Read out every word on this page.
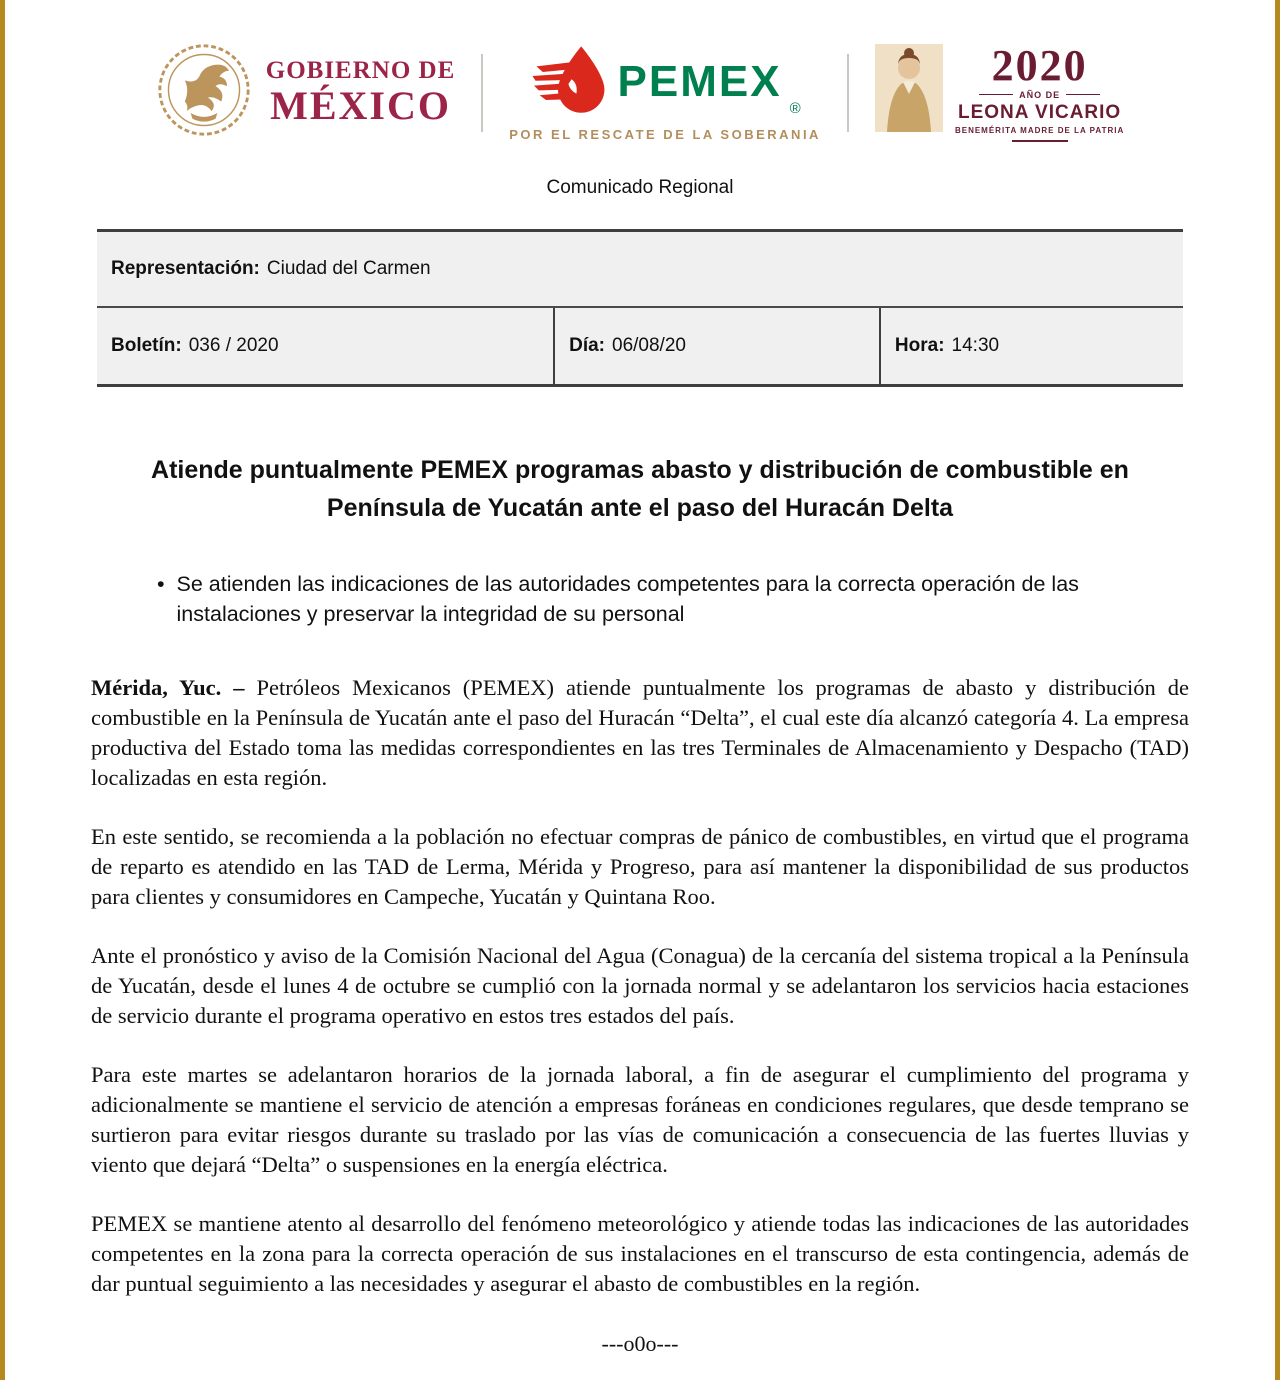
GOBIERNO DE
MÉXICO	PEMEX
®
POR EL RESCATE DE LA SOBERANIA
2020
AÑO DE
LEONA VICARIO
BENEMÉRITA MADRE DE LA PATRIA
Comunicado Regional
Representación: Ciudad del Carmen
Boletín: 036 / 2020	Día: 06/08/20	Hora: 14:30
Atiende puntualmente PEMEX programas abasto y distribución de combustible en Península de Yucatán ante el paso del Huracán Delta
• Se atienden las indicaciones de las autoridades competentes para la correcta operación de las instalaciones y preservar la integridad de su personal

Mérida, Yuc. – Petróleos Mexicanos (PEMEX) atiende puntualmente los programas de abasto y distribución de combustible en la Península de Yucatán ante el paso del Huracán “Delta”, el cual este día alcanzó categoría 4. La empresa productiva del Estado toma las medidas correspondientes en las tres Terminales de Almacenamiento y Despacho (TAD) localizadas en esta región.

En este sentido, se recomienda a la población no efectuar compras de pánico de combustibles, en virtud que el programa de reparto es atendido en las TAD de Lerma, Mérida y Progreso, para así mantener la disponibilidad de sus productos para clientes y consumidores en Campeche, Yucatán y Quintana Roo.

Ante el pronóstico y aviso de la Comisión Nacional del Agua (Conagua) de la cercanía del sistema tropical a la Península de Yucatán, desde el lunes 4 de octubre se cumplió con la jornada normal y se adelantaron los servicios hacia estaciones de servicio durante el programa operativo en estos tres estados del país.

Para este martes se adelantaron horarios de la jornada laboral, a fin de asegurar el cumplimiento del programa y adicionalmente se mantiene el servicio de atención a empresas foráneas en condiciones regulares, que desde temprano se surtieron para evitar riesgos durante su traslado por las vías de comunicación a consecuencia de las fuertes lluvias y viento que dejará “Delta” o suspensiones en la energía eléctrica.

PEMEX se mantiene atento al desarrollo del fenómeno meteorológico y atiende todas las indicaciones de las autoridades competentes en la zona para la correcta operación de sus instalaciones en el transcurso de esta contingencia, además de dar puntual seguimiento a las necesidades y asegurar el abasto de combustibles en la región.

---o0o---
